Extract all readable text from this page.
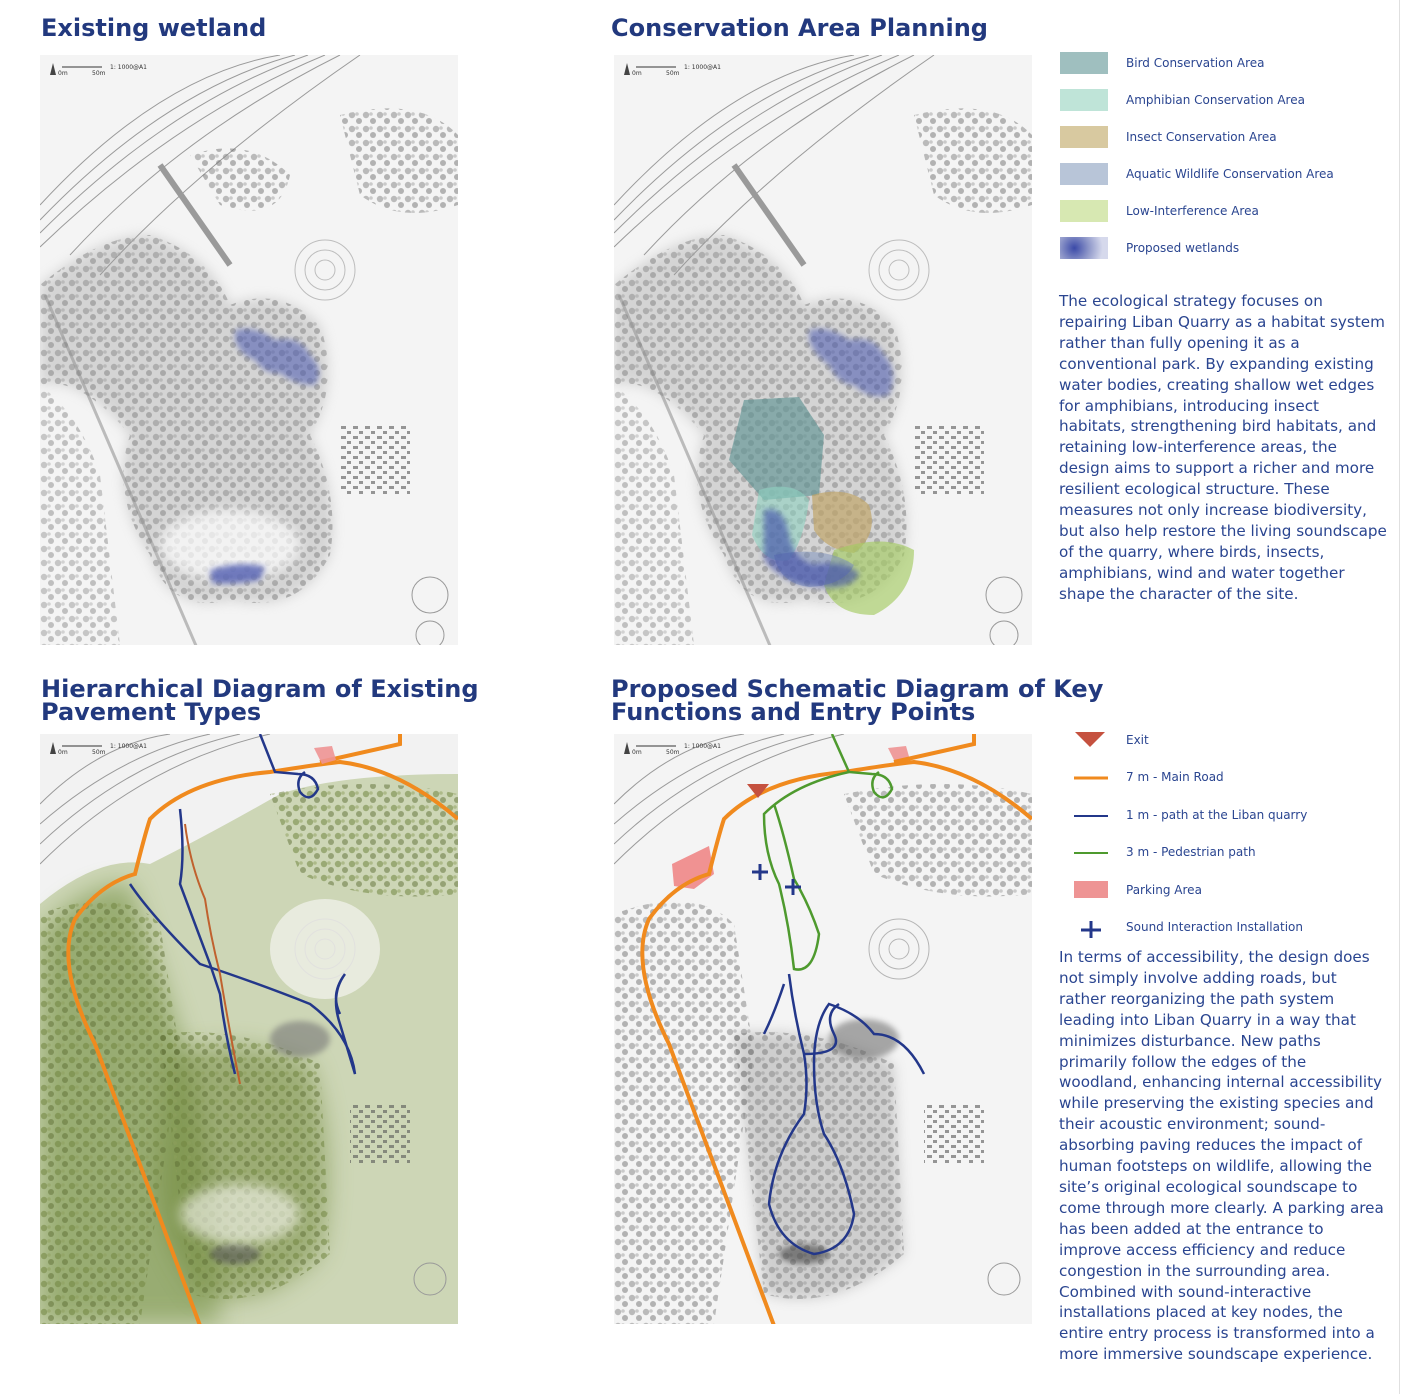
Existing wetland	Conservation Area Planning
Hierarchical Diagram of Existing
Pavement Types
Proposed Schematic Diagram of Key
Functions and Entry Points
0m	50m
1: 1000@A1
0m	50m
1: 1000@A1
0m	50m
1: 1000@A1
0m	50m
1: 1000@A1
Bird Conservation Area
Amphibian Conservation Area
Insect Conservation Area
Aquatic Wildlife Conservation Area
Low-Interference Area
Proposed wetlands

The ecological strategy focuses on repairing Liban Quarry as a habitat system rather than fully opening it as a conventional park. By expanding existing water bodies, creating shallow wet edges for amphibians, introducing insect habitats, strengthening bird habitats, and retaining low-interference areas, the design aims to support a richer and more resilient ecological structure. These measures not only increase biodiversity, but also help restore the living soundscape of the quarry, where birds, insects, amphibians, wind and water together shape the character of the site.

Exit
7 m - Main Road
1 m - path at the Liban quarry
3 m - Pedestrian path
Parking Area
Sound Interaction Installation

In terms of accessibility, the design does not simply involve adding roads, but rather reorganizing the path system leading into Liban Quarry in a way that minimizes disturbance. New paths primarily follow the edges of the woodland, enhancing internal accessibility while preserving the existing species and their acoustic environment; sound-absorbing paving reduces the impact of human footsteps on wildlife, allowing the site’s original ecological soundscape to come through more clearly. A parking area has been added at the entrance to improve access efficiency and reduce congestion in the surrounding area. Combined with sound-interactive installations placed at key nodes, the entire entry process is transformed into a more immersive soundscape experience.
